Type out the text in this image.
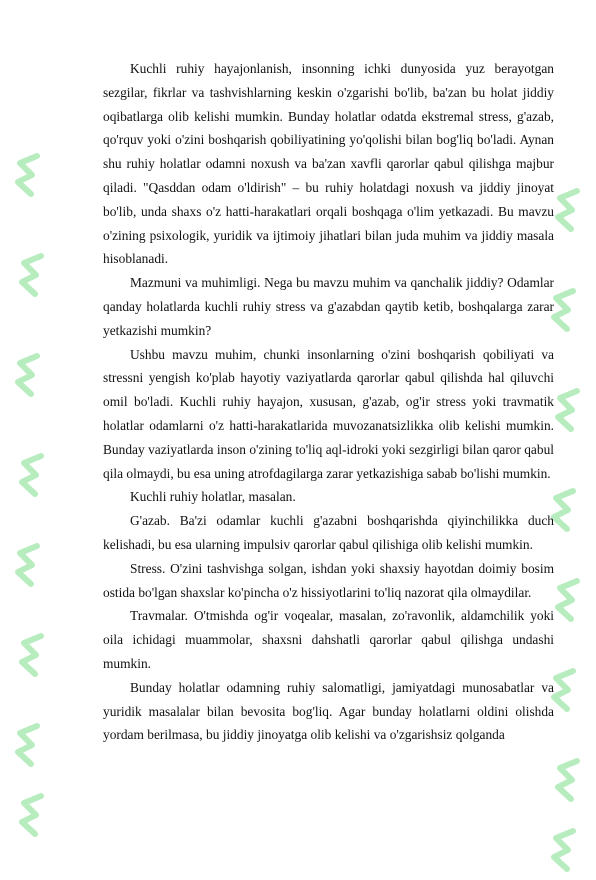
Kuchli ruhiy hayajonlanish, insonning ichki dunyosida yuz berayotgan sezgilar, fikrlar va tashvishlarning keskin o'zgarishi bo'lib, ba'zan bu holat jiddiy oqibatlarga olib kelishi mumkin. Bunday holatlar odatda ekstremal stress, g'azab, qo'rquv yoki o'zini boshqarish qobiliyatining yo'qolishi bilan bog'liq bo'ladi. Aynan shu ruhiy holatlar odamni noxush va ba'zan xavfli qarorlar qabul qilishga majbur qiladi. "Qasddan odam o'ldirish" – bu ruhiy holatdagi noxush va jiddiy jinoyat bo'lib, unda shaxs o'z hatti-harakatlari orqali boshqaga o'lim yetkazadi. Bu mavzu o'zining psixologik, yuridik va ijtimoiy jihatlari bilan juda muhim va jiddiy masala hisoblanadi.

Mazmuni va muhimligi. Nega bu mavzu muhim va qanchalik jiddiy? Odamlar qanday holatlarda kuchli ruhiy stress va g'azabdan qaytib ketib, boshqalarga zarar yetkazishi mumkin?

Ushbu mavzu muhim, chunki insonlarning o'zini boshqarish qobiliyati va stressni yengish ko'plab hayotiy vaziyatlarda qarorlar qabul qilishda hal qiluvchi omil bo'ladi. Kuchli ruhiy hayajon, xususan, g'azab, og'ir stress yoki travmatik holatlar odamlarni o'z hatti-harakatlarida muvozanatsizlikka olib kelishi mumkin. Bunday vaziyatlarda inson o'zining to'liq aql-idroki yoki sezgirligi bilan qaror qabul qila olmaydi, bu esa uning atrofdagilarga zarar yetkazishiga sabab bo'lishi mumkin.

Kuchli ruhiy holatlar, masalan.

G'azab. Ba'zi odamlar kuchli g'azabni boshqarishda qiyinchilikka duch kelishadi, bu esa ularning impulsiv qarorlar qabul qilishiga olib kelishi mumkin.

Stress. O'zini tashvishga solgan, ishdan yoki shaxsiy hayotdan doimiy bosim ostida bo'lgan shaxslar ko'pincha o'z hissiyotlarini to'liq nazorat qila olmaydilar.

Travmalar. O'tmishda og'ir voqealar, masalan, zo'ravonlik, aldamchilik yoki oila ichidagi muammolar, shaxsni dahshatli qarorlar qabul qilishga undashi mumkin.

Bunday holatlar odamning ruhiy salomatligi, jamiyatdagi munosabatlar va yuridik masalalar bilan bevosita bog'liq. Agar bunday holatlarni oldini olishda yordam berilmasa, bu jiddiy jinoyatga olib kelishi va o'zgarishsiz qolganda
